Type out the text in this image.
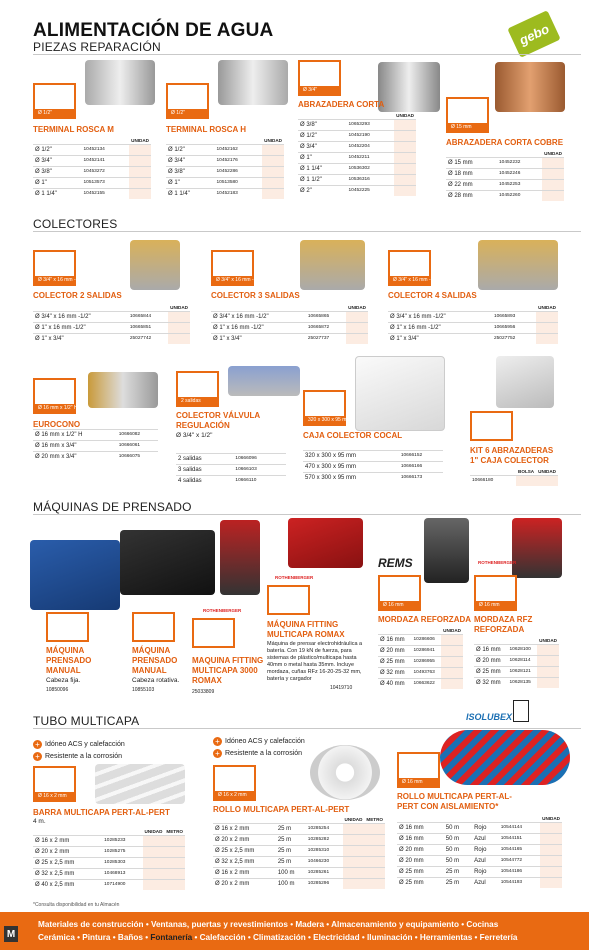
ALIMENTACIÓN DE AGUA	gebo
PIEZAS REPARACIÓN
Ø 1/2"
TERMINAL ROSCA M
		UNIDAD
Ø 1/2"	10452134	
Ø 3/4"	10452141	
Ø 3/8"	10453272	
Ø 1"	10513573	
Ø 1 1/4"	10452155	
Ø 1/2"
TERMINAL ROSCA H
		UNIDAD
Ø 1/2"	10452162	
Ø 3/4"	10452176	
Ø 3/8"	10452286	
Ø 1"	10513580	
Ø 1 1/4"	10452183	
Ø 3/4"
ABRAZADERA CORTA
		UNIDAD
Ø 3/8"	10653293	
Ø 1/2"	10452190	
Ø 3/4"	10452204	
Ø 1"	10452211	
Ø 1 1/4"	10536302	
Ø 1 1/2"	10536316	
Ø 2"	10452225	
Ø 15 mm
ABRAZADERA CORTA COBRE
		UNIDAD
Ø 15 mm	10452232	
Ø 18 mm	10452246	
Ø 22 mm	10452253	
Ø 28 mm	10452260	
COLECTORES
Ø 3/4" x 16 mm -1/2"
COLECTOR 2 SALIDAS
		UNIDAD
Ø 3/4" x 16 mm -1/2"	10665844	
Ø 1" x 16 mm -1/2"	10665851	
Ø 1" x 3/4"	25027742	
Ø 3/4" x 16 mm -1/2"
COLECTOR 3 SALIDAS
		UNIDAD
Ø 3/4" x 16 mm -1/2"	10665865	
Ø 1" x 16 mm -1/2"	10665872	
Ø 1" x 3/4"	25027737	
Ø 3/4" x 16 mm -1/2"
COLECTOR 4 SALIDAS
		UNIDAD
Ø 3/4" x 16 mm -1/2"	10665893	
Ø 1" x 16 mm -1/2"	10665956	
Ø 1" x 3/4"	25027752	
Ø 16 mm x 1/2" H
EUROCONO

Ø 16 mm x 1/2" H	10666082
Ø 16 mm x 3/4"	10666061
Ø 20 mm x 3/4"	10666075
2 salidas
COLECTOR VÁLVULA REGULACIÓN
Ø 3/4" x 1/2"

2 salidas	10666096
3 salidas	10666103
4 salidas	10666110
320 x 300 x 95 mm
CAJA COLECTOR COCAL

320 x 300 x 95 mm	10666152
470 x 300 x 95 mm	10666166
570 x 300 x 95 mm	10666173
KIT 6 ABRAZADERAS 1" CAJA COLECTOR
	BOLSA	UNIDAD
10666180		
MÁQUINAS DE PRENSADO
REMS
ROTHENBERGER
ROTHENBERGER
ROTHENBERGER
MÁQUINA PRENSADO MANUAL
Cabeza fija.
10850096
MÁQUINA PRENSADO MANUAL
Cabeza rotativa.
10855103
MAQUINA FITTING MULTICAPA 3000 ROMAX
25033809
MÁQUINA FITTING MULTICAPA ROMAX
Máquina de prensar electrohidráulica a batería. Con 19 kN de fuerza, para sistemas de plástico/multicapa hasta 40mm o metal hasta 35mm. Incluye mordaza, cuñas RFz 16-20-25-32 mm, batería y cargador
10419710
Ø 16 mm
MORDAZA REFORZADA
		UNIDAD
Ø 16 mm	10286606	
Ø 20 mm	10286941	
Ø 25 mm	10286955	
Ø 32 mm	10493763	
Ø 40 mm	10663622	
Ø 16 mm
MORDAZA RFZ REFORZADA
		UNIDAD
Ø 16 mm	10628100	
Ø 20 mm	10628114	
Ø 25 mm	10628121	
Ø 32 mm	10628135	
TUBO MULTICAPA	ISOLUBEX
+ Idóneo ACS y calefacción
+ Resistente a la corrosión
+ Idóneo ACS y calefacción
+ Resistente a la corrosión
Ø 16 x 2 mm
BARRA MULTICAPA PERT-AL-PERT
4 m.
		UNIDAD	METRO
Ø 16 x 2 mm	10285233		
Ø 20 x 2 mm	10285275		
Ø 25 x 2,5 mm	10285303		
Ø 32 x 2,5 mm	10468913		
Ø 40 x 2,5 mm	10714900		
Ø 16 x 2 mm
ROLLO MULTICAPA PERT-AL-PERT
			UNIDAD	METRO
Ø 16 x 2 mm	25 m	10285254		
Ø 20 x 2 mm	25 m	10285282		
Ø 25 x 2,5 mm	25 m	10285310		
Ø 32 x 2,5 mm	25 m	10466230		
Ø 16 x 2 mm	100 m	10285261		
Ø 20 x 2 mm	100 m	10285296		
Ø 16 mm
ROLLO MULTICAPA PERT-AL-PERT CON AISLAMIENTO*
				UNIDAD
Ø 16 mm	50 m	Rojo	10544144	
Ø 16 mm	50 m	Azul	10544151	
Ø 20 mm	50 m	Rojo	10544165	
Ø 20 mm	50 m	Azul	10544772	
Ø 25 mm	25 m	Rojo	10544186	
Ø 25 mm	25 m	Azul	10544193	
*Consulta disponibilidad en tu Almacén
M
Materiales de construcción • Ventanas, puertas y revestimientos • Madera • Almacenamiento y equipamiento • Cocinas
Cerámica • Pintura • Baños • Fontanería • Calefacción • Climatización • Electricidad • Iluminación • Herramientas • Ferretería
